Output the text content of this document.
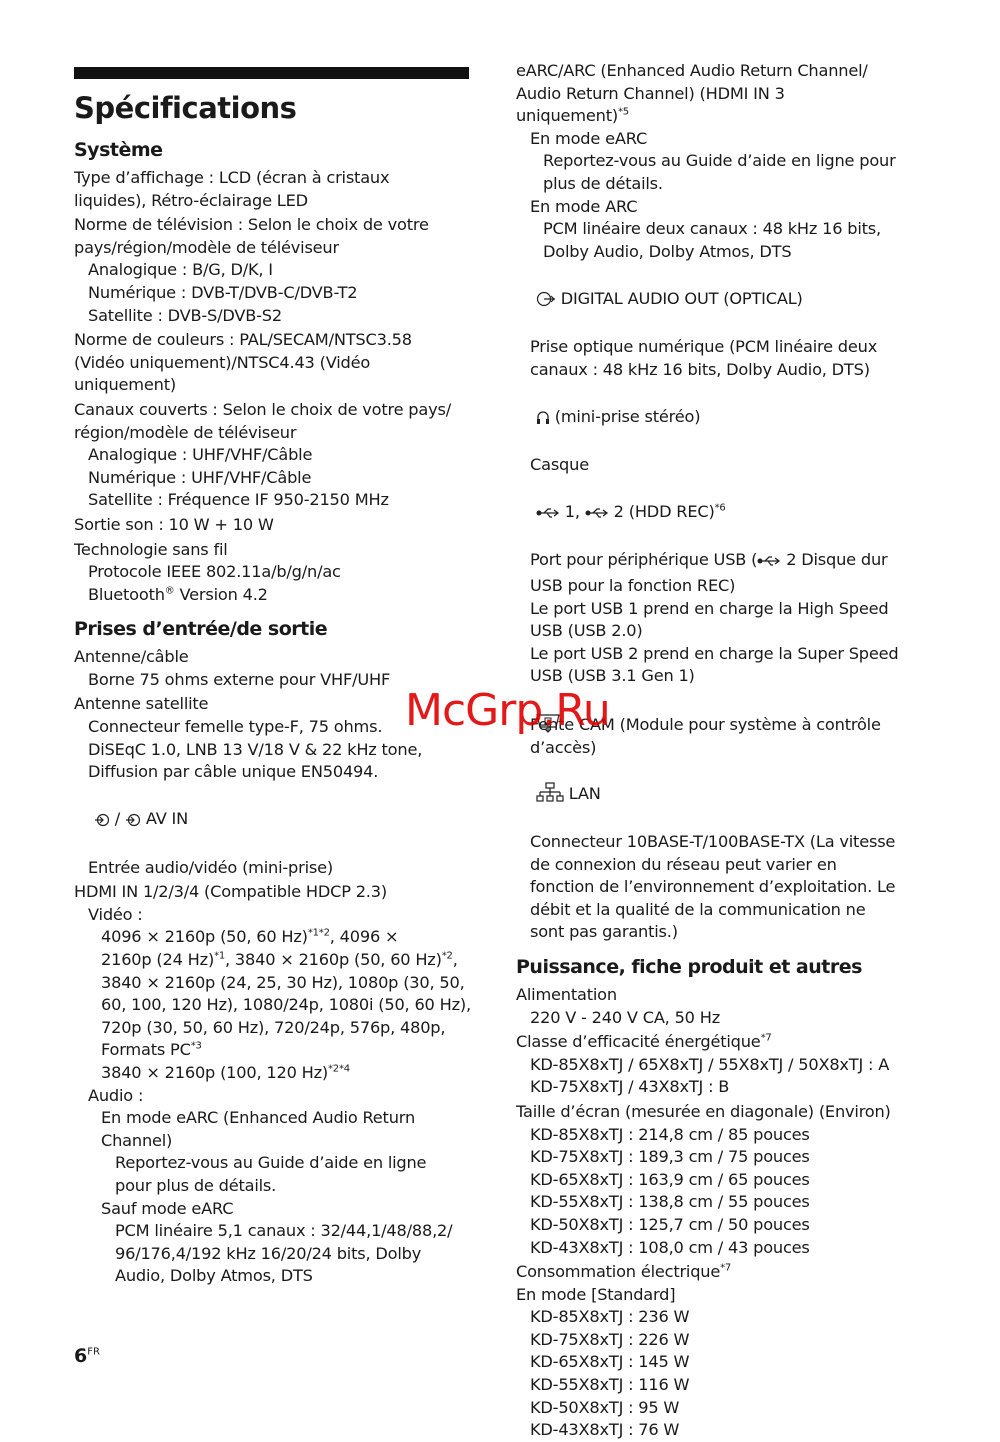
Spécifications
Système
Type d’affichage : LCD (écran à cristaux
liquides), Rétro-éclairage LED
Norme de télévision : Selon le choix de votre
pays/région/modèle de téléviseur
Analogique : B/G, D/K, I
Numérique : DVB-T/DVB-C/DVB-T2
Satellite : DVB-S/DVB-S2
Norme de couleurs : PAL/SECAM/NTSC3.58
(Vidéo uniquement)/NTSC4.43 (Vidéo
uniquement)
Canaux couverts : Selon le choix de votre pays/
région/modèle de téléviseur
Analogique : UHF/VHF/Câble
Numérique : UHF/VHF/Câble
Satellite : Fréquence IF 950-2150 MHz
Sortie son : 10 W + 10 W
Technologie sans fil
Protocole IEEE 802.11a/b/g/n/ac
Bluetooth® Version 4.2
Prises d’entrée/de sortie
Antenne/câble
Borne 75 ohms externe pour VHF/UHF
Antenne satellite
Connecteur femelle type-F, 75 ohms.
DiSEqC 1.0, LNB 13 V/18 V & 22 kHz tone,
Diffusion par câble unique EN50494.

/  AV IN

Entrée audio/vidéo (mini-prise)
HDMI IN 1/2/3/4 (Compatible HDCP 2.3)
Vidéo :
4096 × 2160p (50, 60 Hz)$^{*1*2}$, 4096 ×
2160p (24 Hz)$^{*1}$, 3840 × 2160p (50, 60 Hz)$^{*2}$,
3840 × 2160p (24, 25, 30 Hz), 1080p (30, 50,
60, 100, 120 Hz), 1080/24p, 1080i (50, 60 Hz),
720p (30, 50, 60 Hz), 720/24p, 576p, 480p,
Formats PC$^{*3}$
3840 × 2160p (100, 120 Hz)$^{*2*4}$
Audio :
En mode eARC (Enhanced Audio Return
Channel)
Reportez-vous au Guide d’aide en ligne
pour plus de détails.
Sauf mode eARC
PCM linéaire 5,1 canaux : 32/44,1/48/88,2/
96/176,4/192 kHz 16/20/24 bits, Dolby
Audio, Dolby Atmos, DTS
eARC/ARC (Enhanced Audio Return Channel/
Audio Return Channel) (HDMI IN 3
uniquement)$^{*5}$
En mode eARC
Reportez-vous au Guide d’aide en ligne pour
plus de détails.
En mode ARC
PCM linéaire deux canaux : 48 kHz 16 bits,
Dolby Audio, Dolby Atmos, DTS

DIGITAL AUDIO OUT (OPTICAL)

Prise optique numérique (PCM linéaire deux
canaux : 48 kHz 16 bits, Dolby Audio, DTS)

(mini-prise stéréo)

Casque

1,  2 (HDD REC)$^{*6}$

Port pour périphérique USB ( 2 Disque dur
USB pour la fonction REC)
Le port USB 1 prend en charge la High Speed
USB (USB 2.0)
Le port USB 2 prend en charge la Super Speed
USB (USB 3.1 Gen 1)

Fente CAM (Module pour système à contrôle
d’accès)

LAN

Connecteur 10BASE-T/100BASE-TX (La vitesse
de connexion du réseau peut varier en
fonction de l’environnement d’exploitation. Le
débit et la qualité de la communication ne
sont pas garantis.)
Puissance, fiche produit et autres
Alimentation
220 V - 240 V CA, 50 Hz
Classe d’efficacité énergétique$^{*7}$
KD-85X8xTJ / 65X8xTJ / 55X8xTJ / 50X8xTJ : A
KD-75X8xTJ / 43X8xTJ : B
Taille d’écran (mesurée en diagonale) (Environ)
KD-85X8xTJ : 214,8 cm / 85 pouces
KD-75X8xTJ : 189,3 cm / 75 pouces
KD-65X8xTJ : 163,9 cm / 65 pouces
KD-55X8xTJ : 138,8 cm / 55 pouces
KD-50X8xTJ : 125,7 cm / 50 pouces
KD-43X8xTJ : 108,0 cm / 43 pouces
Consommation électrique$^{*7}$
En mode [Standard]
KD-85X8xTJ : 236 W
KD-75X8xTJ : 226 W
KD-65X8xTJ : 145 W
KD-55X8xTJ : 116 W
KD-50X8xTJ : 95 W
KD-43X8xTJ : 76 W
McGrp.Ru
$6^{FR}$
